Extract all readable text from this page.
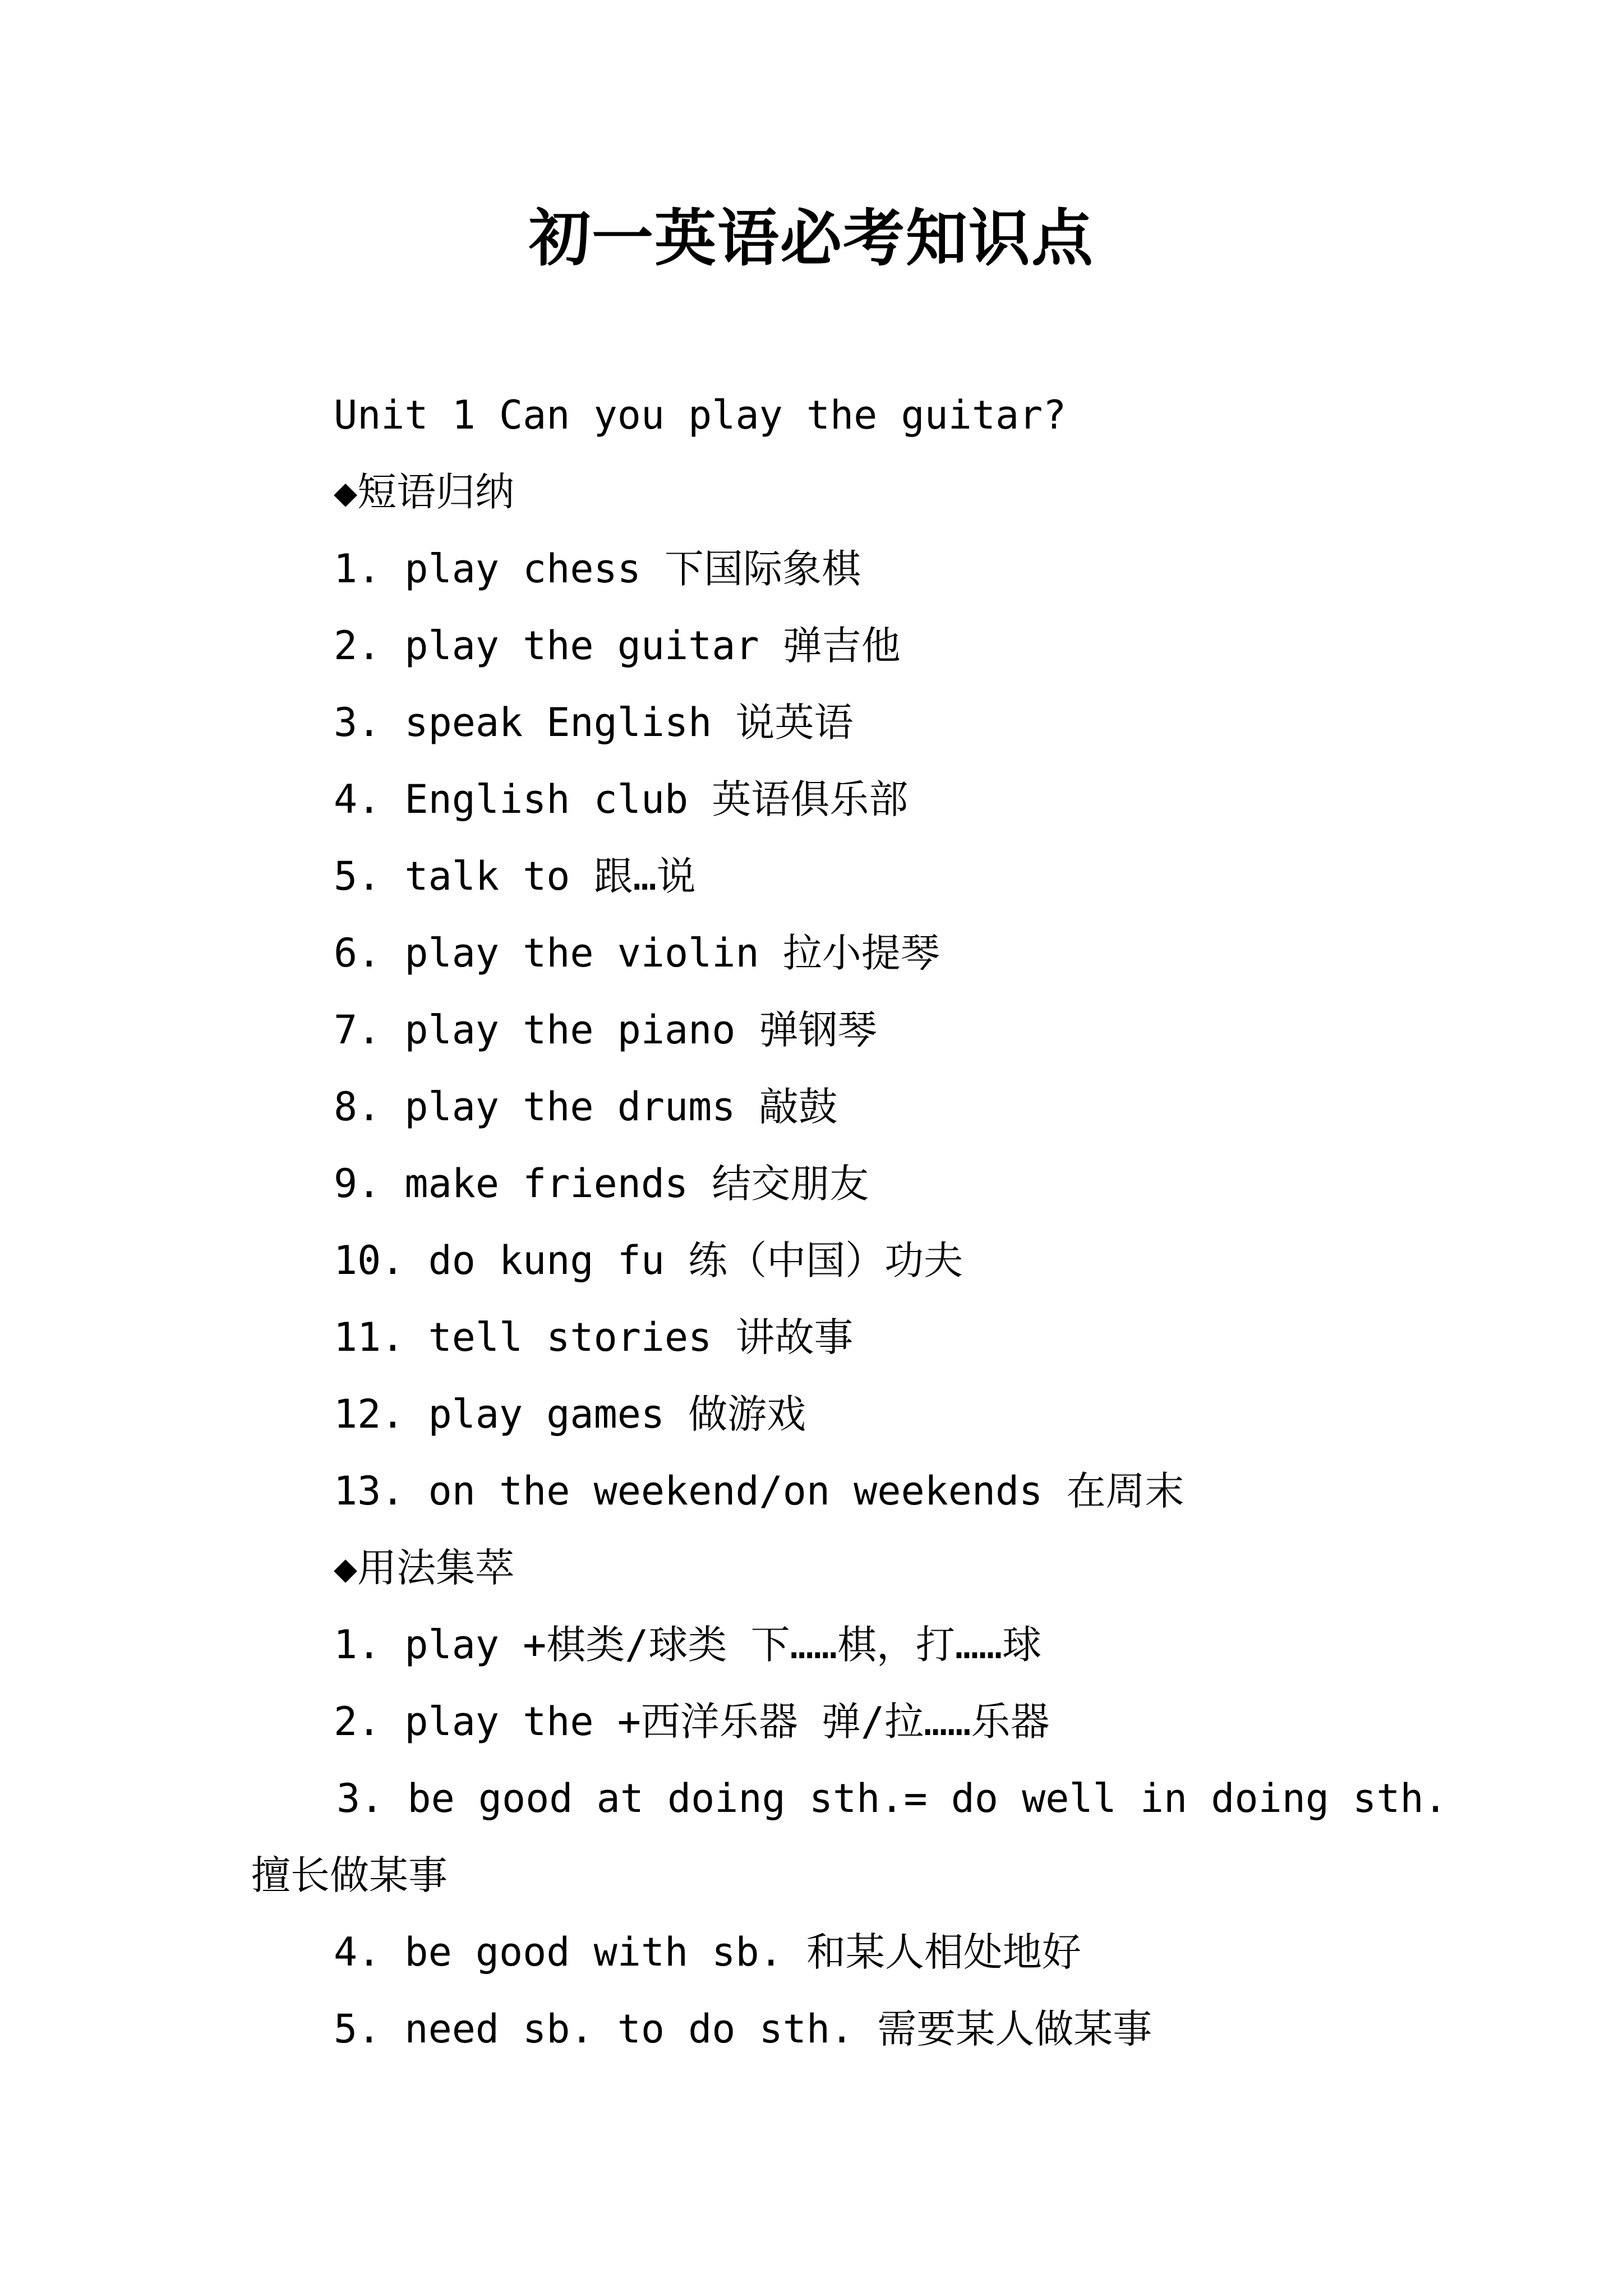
初一英语必考知识点
Unit 1 Can you play the guitar?
◆短语归纳
1. play chess 下国际象棋
2. play the guitar 弹吉他
3. speak English 说英语
4. English club 英语俱乐部
5. talk to 跟…说
6. play the violin 拉小提琴
7. play the piano 弹钢琴
8. play the drums 敲鼓
9. make friends 结交朋友
10. do kung fu 练（中国）功夫
11. tell stories 讲故事
12. play games 做游戏
13. on the weekend/on weekends 在周末
◆用法集萃
1. play +棋类/球类 下……棋，打……球
2. play the +西洋乐器 弹/拉……乐器
3. be good at doing sth.= do well in doing sth.
擅长做某事
4. be good with sb. 和某人相处地好
5. need sb. to do sth. 需要某人做某事
